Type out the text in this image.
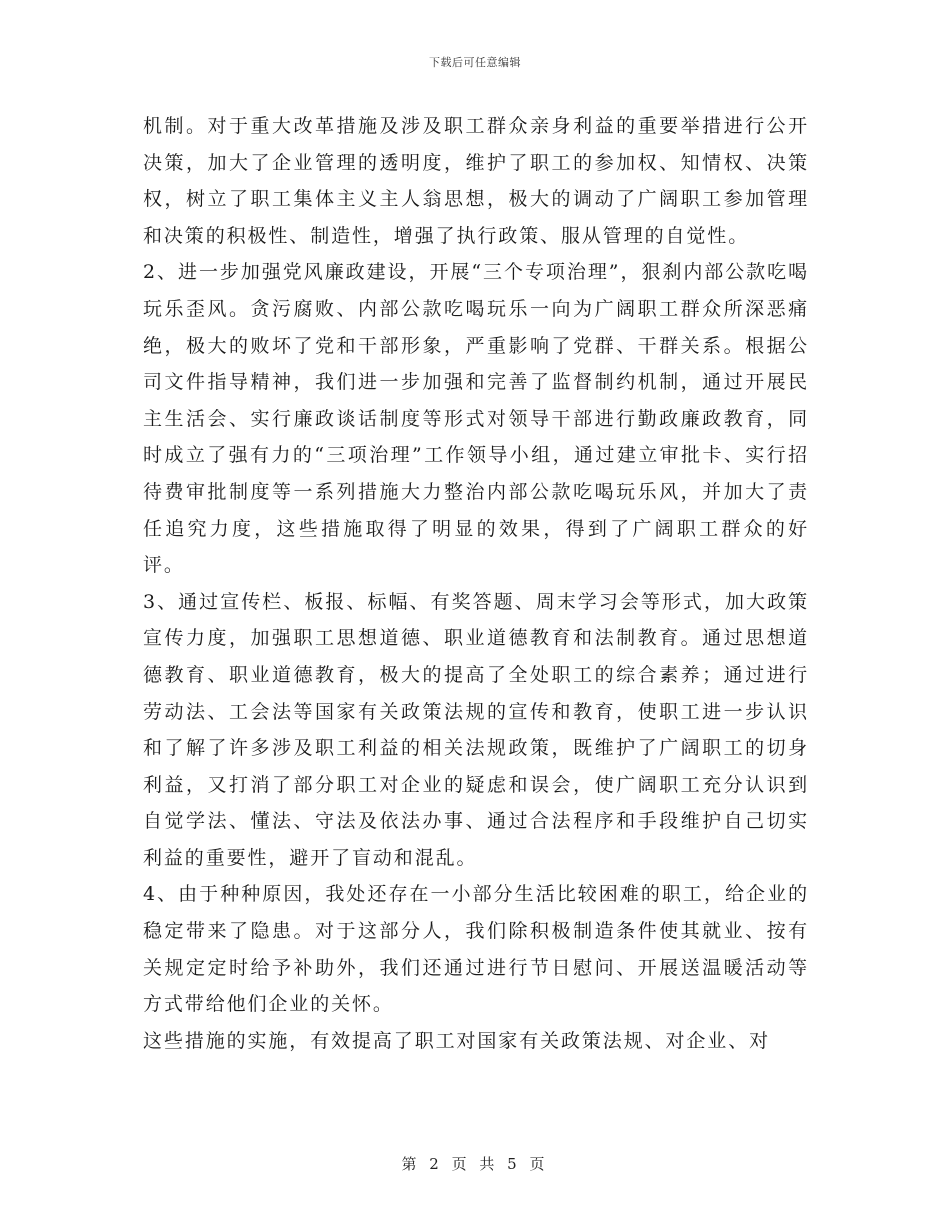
下载后可任意编辑

机制。对于重大改革措施及涉及职工群众亲身利益的重要举措进行公开决策，加大了企业管理的透明度，维护了职工的参加权、知情权、决策权，树立了职工集体主义主人翁思想，极大的调动了广阔职工参加管理和决策的积极性、制造性，增强了执行政策、服从管理的自觉性。

2、进一步加强党风廉政建设，开展“三个专项治理”，狠刹内部公款吃喝玩乐歪风。贪污腐败、内部公款吃喝玩乐一向为广阔职工群众所深恶痛绝，极大的败坏了党和干部形象，严重影响了党群、干群关系。根据公司文件指导精神，我们进一步加强和完善了监督制约机制，通过开展民主生活会、实行廉政谈话制度等形式对领导干部进行勤政廉政教育，同时成立了强有力的“三项治理”工作领导小组，通过建立审批卡、实行招待费审批制度等一系列措施大力整治内部公款吃喝玩乐风，并加大了责任追究力度，这些措施取得了明显的效果，得到了广阔职工群众的好评。

3、通过宣传栏、板报、标幅、有奖答题、周末学习会等形式，加大政策宣传力度，加强职工思想道德、职业道德教育和法制教育。通过思想道德教育、职业道德教育，极大的提高了全处职工的综合素养；通过进行劳动法、工会法等国家有关政策法规的宣传和教育，使职工进一步认识和了解了许多涉及职工利益的相关法规政策，既维护了广阔职工的切身利益，又打消了部分职工对企业的疑虑和误会，使广阔职工充分认识到自觉学法、懂法、守法及依法办事、通过合法程序和手段维护自己切实利益的重要性，避开了盲动和混乱。

4、由于种种原因，我处还存在一小部分生活比较困难的职工，给企业的稳定带来了隐患。对于这部分人，我们除积极制造条件使其就业、按有关规定定时给予补助外，我们还通过进行节日慰问、开展送温暖活动等方式带给他们企业的关怀。

这些措施的实施，有效提高了职工对国家有关政策法规、对企业、对

第 2 页 共 5 页
